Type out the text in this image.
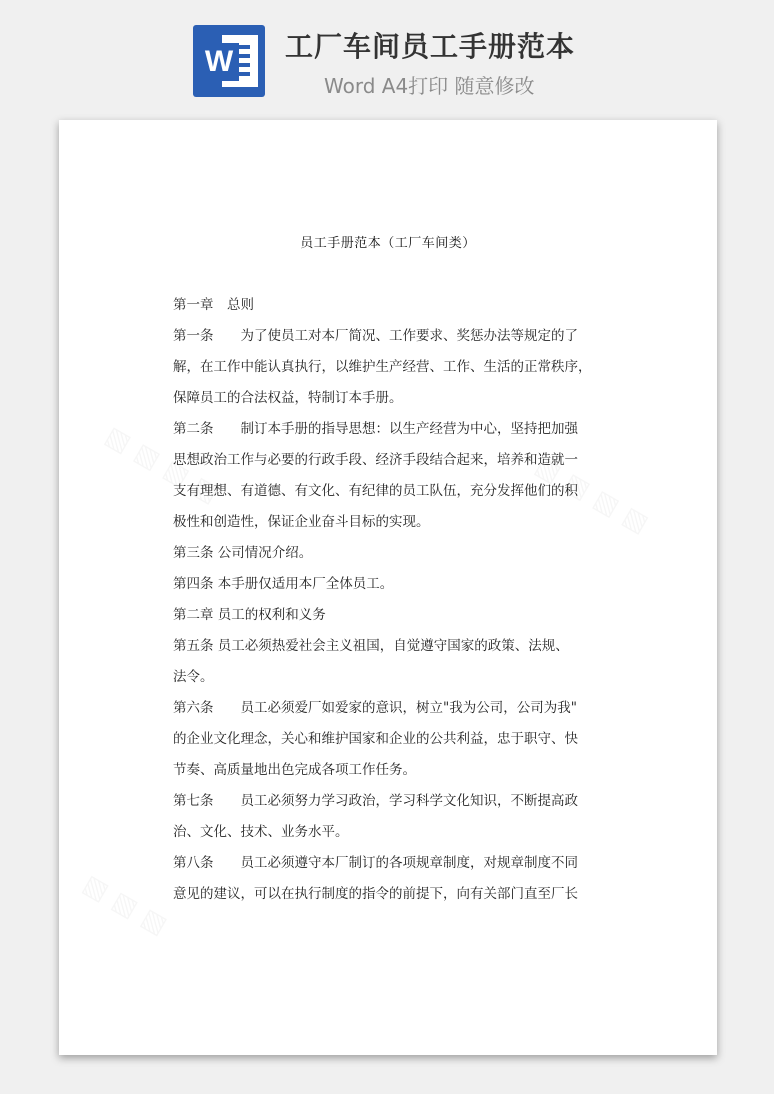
W 工厂车间员工手册范本
Word A4打印 随意修改
员工手册范本（工厂车间类）

第一章　总则

第一条　　为了使员工对本厂简况、工作要求、奖惩办法等规定的了

解，在工作中能认真执行，以维护生产经营、工作、生活的正常秩序，

保障员工的合法权益，特制订本手册。

第二条　　制订本手册的指导思想：以生产经营为中心，坚持把加强

思想政治工作与必要的行政手段、经济手段结合起来，培养和造就一

支有理想、有道德、有文化、有纪律的员工队伍，充分发挥他们的积

极性和创造性，保证企业奋斗目标的实现。

第三条 公司情况介绍。

第四条 本手册仅适用本厂全体员工。

第二章 员工的权利和义务

第五条 员工必须热爱社会主义祖国，自觉遵守国家的政策、法规、

法令。

第六条　　员工必须爱厂如爱家的意识，树立"我为公司，公司为我"

的企业文化理念，关心和维护国家和企业的公共利益，忠于职守、快

节奏、高质量地出色完成各项工作任务。

第七条　　员工必须努力学习政治，学习科学文化知识，不断提高政

治、文化、技术、业务水平。

第八条　　员工必须遵守本厂制订的各项规章制度，对规章制度不同

意见的建议，可以在执行制度的指令的前提下，向有关部门直至厂长
